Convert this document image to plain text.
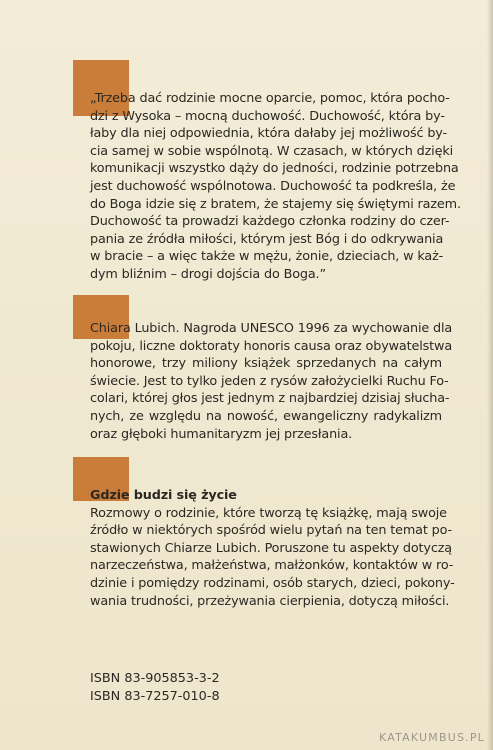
„Trzeba dać rodzinie mocne oparcie, pomoc, która pocho-
dzi z Wysoka – mocną duchowość. Duchowość, która by-
łaby dla niej odpowiednia, która dałaby jej możliwość by-
cia samej w sobie wspólnotą. W czasach, w których dzięki
komunikacji wszystko dąży do jedności, rodzinie potrzebna
jest duchowość wspólnotowa. Duchowość ta podkreśla, że
do Boga idzie się z bratem, że stajemy się świętymi razem.
Duchowość ta prowadzi każdego członka rodziny do czer-
pania ze źródła miłości, którym jest Bóg i do odkrywania
w bracie – a więc także w mężu, żonie, dzieciach, w każ-
dym bliźnim – drogi dojścia do Boga.”
Chiara Lubich. Nagroda UNESCO 1996 za wychowanie dla
pokoju, liczne doktoraty honoris causa oraz obywatelstwa
honorowe, trzy miliony książek sprzedanych na całym
świecie. Jest to tylko jeden z rysów założycielki Ruchu Fo-
colari, której głos jest jednym z najbardziej dzisiaj słucha-
nych, ze względu na nowość, ewangeliczny radykalizm
oraz głęboki humanitaryzm jej przesłania.
Gdzie budzi się życie
Rozmowy o rodzinie, które tworzą tę książkę, mają swoje
źródło w niektórych spośród wielu pytań na ten temat po-
stawionych Chiarze Lubich. Poruszone tu aspekty dotyczą
narzeczeństwa, małżeństwa, małżonków, kontaktów w ro-
dzinie i pomiędzy rodzinami, osób starych, dzieci, pokony-
wania trudności, przeżywania cierpienia, dotyczą miłości.
ISBN 83-905853-3-2
ISBN 83-7257-010-8
KATAKUMBUS.PL
